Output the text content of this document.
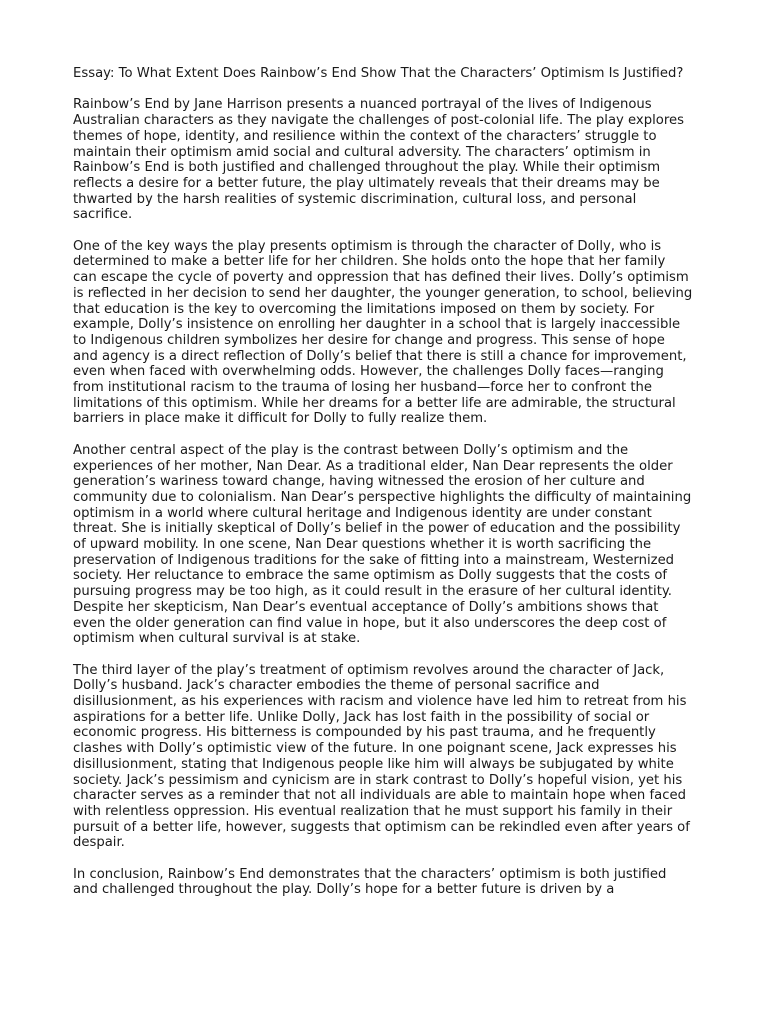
Essay: To What Extent Does Rainbow’s End Show That the Characters’ Optimism Is Justified?

Rainbow’s End by Jane Harrison presents a nuanced portrayal of the lives of Indigenous Australian characters as they navigate the challenges of post-colonial life. The play explores themes of hope, identity, and resilience within the context of the characters’ struggle to maintain their optimism amid social and cultural adversity. The characters’ optimism in Rainbow’s End is both justified and challenged throughout the play. While their optimism reflects a desire for a better future, the play ultimately reveals that their dreams may be thwarted by the harsh realities of systemic discrimination, cultural loss, and personal sacrifice.

One of the key ways the play presents optimism is through the character of Dolly, who is determined to make a better life for her children. She holds onto the hope that her family can escape the cycle of poverty and oppression that has defined their lives. Dolly’s optimism is reflected in her decision to send her daughter, the younger generation, to school, believing that education is the key to overcoming the limitations imposed on them by society. For example, Dolly’s insistence on enrolling her daughter in a school that is largely inaccessible to Indigenous children symbolizes her desire for change and progress. This sense of hope and agency is a direct reflection of Dolly’s belief that there is still a chance for improvement, even when faced with overwhelming odds. However, the challenges Dolly faces—ranging from institutional racism to the trauma of losing her husband—force her to confront the limitations of this optimism. While her dreams for a better life are admirable, the structural barriers in place make it difficult for Dolly to fully realize them.

Another central aspect of the play is the contrast between Dolly’s optimism and the experiences of her mother, Nan Dear. As a traditional elder, Nan Dear represents the older generation’s wariness toward change, having witnessed the erosion of her culture and community due to colonialism. Nan Dear’s perspective highlights the difficulty of maintaining optimism in a world where cultural heritage and Indigenous identity are under constant threat. She is initially skeptical of Dolly’s belief in the power of education and the possibility of upward mobility. In one scene, Nan Dear questions whether it is worth sacrificing the preservation of Indigenous traditions for the sake of fitting into a mainstream, Westernized society. Her reluctance to embrace the same optimism as Dolly suggests that the costs of pursuing progress may be too high, as it could result in the erasure of her cultural identity. Despite her skepticism, Nan Dear’s eventual acceptance of Dolly’s ambitions shows that even the older generation can find value in hope, but it also underscores the deep cost of optimism when cultural survival is at stake.

The third layer of the play’s treatment of optimism revolves around the character of Jack, Dolly’s husband. Jack’s character embodies the theme of personal sacrifice and disillusionment, as his experiences with racism and violence have led him to retreat from his aspirations for a better life. Unlike Dolly, Jack has lost faith in the possibility of social or economic progress. His bitterness is compounded by his past trauma, and he frequently clashes with Dolly’s optimistic view of the future. In one poignant scene, Jack expresses his disillusionment, stating that Indigenous people like him will always be subjugated by white society. Jack’s pessimism and cynicism are in stark contrast to Dolly’s hopeful vision, yet his character serves as a reminder that not all individuals are able to maintain hope when faced with relentless oppression. His eventual realization that he must support his family in their pursuit of a better life, however, suggests that optimism can be rekindled even after years of despair.

In conclusion, Rainbow’s End demonstrates that the characters’ optimism is both justified and challenged throughout the play. Dolly’s hope for a better future is driven by a
